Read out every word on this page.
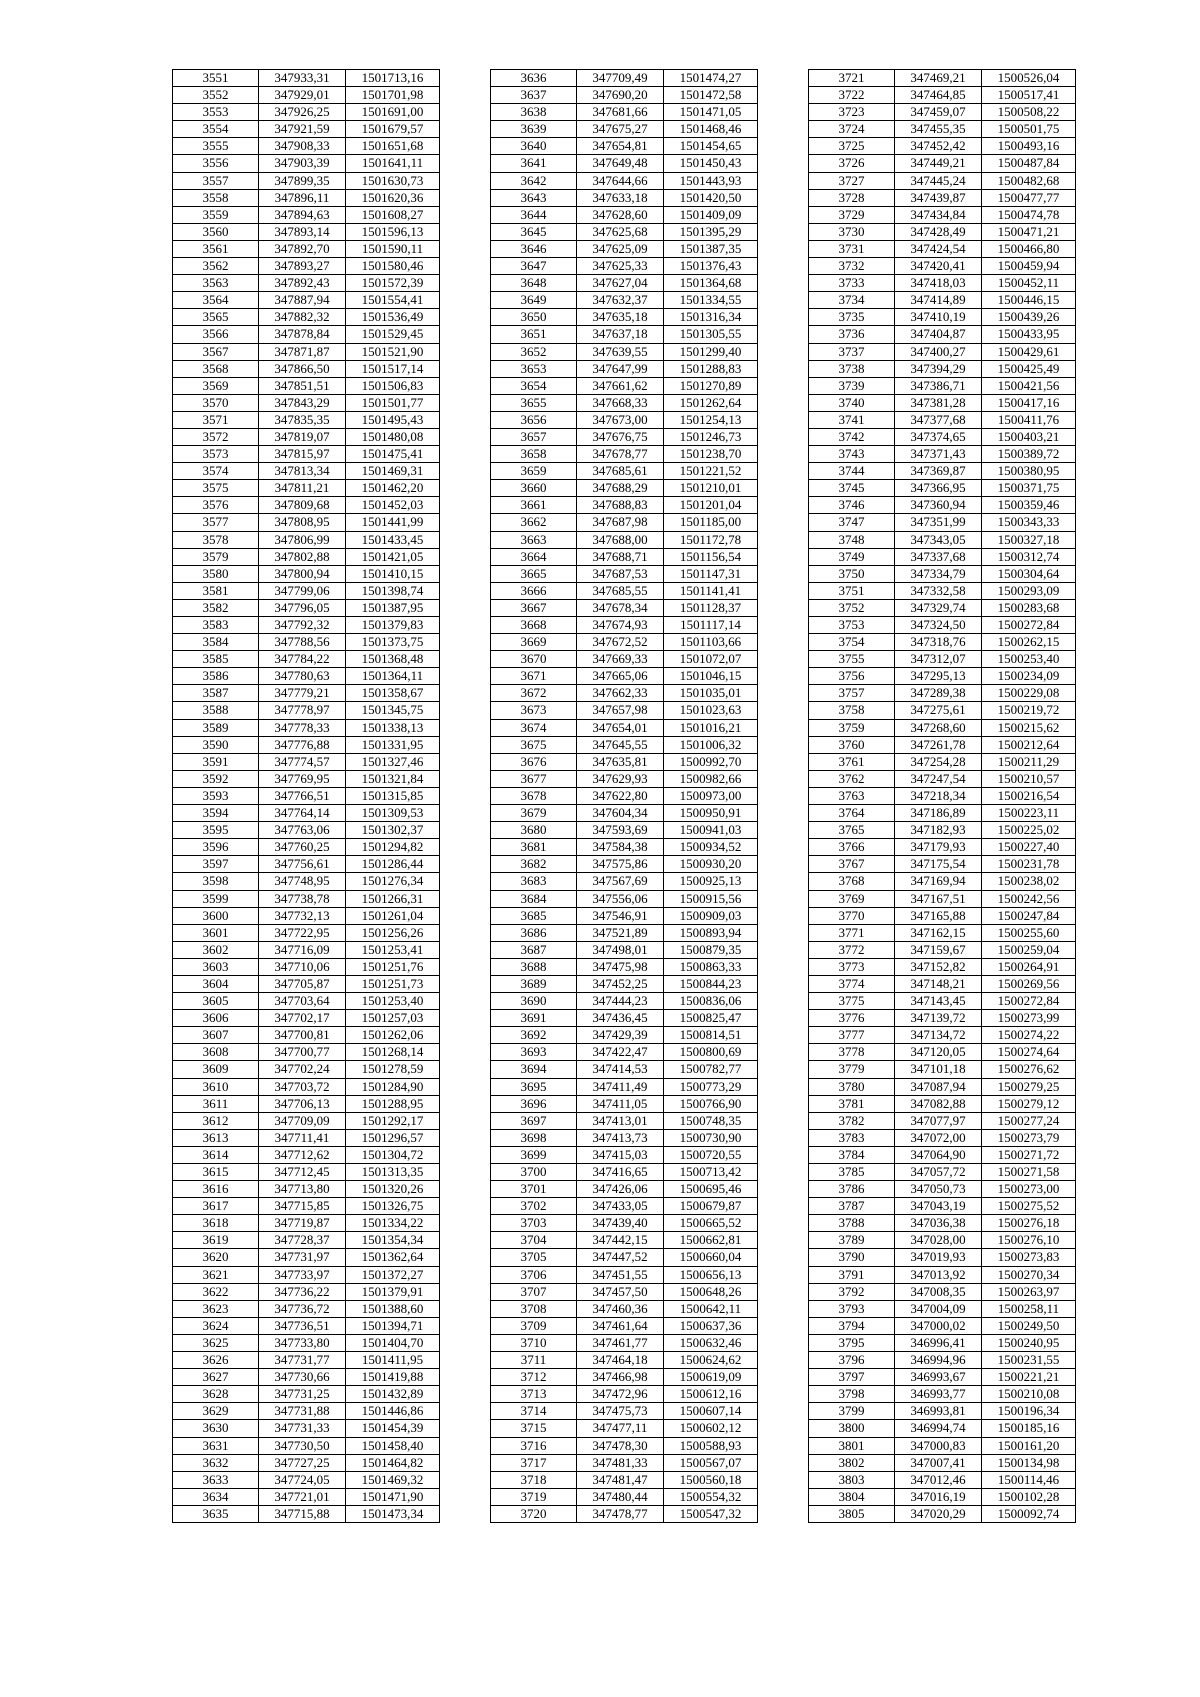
3551	347933,31	1501713,16
3552	347929,01	1501701,98
3553	347926,25	1501691,00
3554	347921,59	1501679,57
3555	347908,33	1501651,68
3556	347903,39	1501641,11
3557	347899,35	1501630,73
3558	347896,11	1501620,36
3559	347894,63	1501608,27
3560	347893,14	1501596,13
3561	347892,70	1501590,11
3562	347893,27	1501580,46
3563	347892,43	1501572,39
3564	347887,94	1501554,41
3565	347882,32	1501536,49
3566	347878,84	1501529,45
3567	347871,87	1501521,90
3568	347866,50	1501517,14
3569	347851,51	1501506,83
3570	347843,29	1501501,77
3571	347835,35	1501495,43
3572	347819,07	1501480,08
3573	347815,97	1501475,41
3574	347813,34	1501469,31
3575	347811,21	1501462,20
3576	347809,68	1501452,03
3577	347808,95	1501441,99
3578	347806,99	1501433,45
3579	347802,88	1501421,05
3580	347800,94	1501410,15
3581	347799,06	1501398,74
3582	347796,05	1501387,95
3583	347792,32	1501379,83
3584	347788,56	1501373,75
3585	347784,22	1501368,48
3586	347780,63	1501364,11
3587	347779,21	1501358,67
3588	347778,97	1501345,75
3589	347778,33	1501338,13
3590	347776,88	1501331,95
3591	347774,57	1501327,46
3592	347769,95	1501321,84
3593	347766,51	1501315,85
3594	347764,14	1501309,53
3595	347763,06	1501302,37
3596	347760,25	1501294,82
3597	347756,61	1501286,44
3598	347748,95	1501276,34
3599	347738,78	1501266,31
3600	347732,13	1501261,04
3601	347722,95	1501256,26
3602	347716,09	1501253,41
3603	347710,06	1501251,76
3604	347705,87	1501251,73
3605	347703,64	1501253,40
3606	347702,17	1501257,03
3607	347700,81	1501262,06
3608	347700,77	1501268,14
3609	347702,24	1501278,59
3610	347703,72	1501284,90
3611	347706,13	1501288,95
3612	347709,09	1501292,17
3613	347711,41	1501296,57
3614	347712,62	1501304,72
3615	347712,45	1501313,35
3616	347713,80	1501320,26
3617	347715,85	1501326,75
3618	347719,87	1501334,22
3619	347728,37	1501354,34
3620	347731,97	1501362,64
3621	347733,97	1501372,27
3622	347736,22	1501379,91
3623	347736,72	1501388,60
3624	347736,51	1501394,71
3625	347733,80	1501404,70
3626	347731,77	1501411,95
3627	347730,66	1501419,88
3628	347731,25	1501432,89
3629	347731,88	1501446,86
3630	347731,33	1501454,39
3631	347730,50	1501458,40
3632	347727,25	1501464,82
3633	347724,05	1501469,32
3634	347721,01	1501471,90
3635	347715,88	1501473,34
3636	347709,49	1501474,27
3637	347690,20	1501472,58
3638	347681,66	1501471,05
3639	347675,27	1501468,46
3640	347654,81	1501454,65
3641	347649,48	1501450,43
3642	347644,66	1501443,93
3643	347633,18	1501420,50
3644	347628,60	1501409,09
3645	347625,68	1501395,29
3646	347625,09	1501387,35
3647	347625,33	1501376,43
3648	347627,04	1501364,68
3649	347632,37	1501334,55
3650	347635,18	1501316,34
3651	347637,18	1501305,55
3652	347639,55	1501299,40
3653	347647,99	1501288,83
3654	347661,62	1501270,89
3655	347668,33	1501262,64
3656	347673,00	1501254,13
3657	347676,75	1501246,73
3658	347678,77	1501238,70
3659	347685,61	1501221,52
3660	347688,29	1501210,01
3661	347688,83	1501201,04
3662	347687,98	1501185,00
3663	347688,00	1501172,78
3664	347688,71	1501156,54
3665	347687,53	1501147,31
3666	347685,55	1501141,41
3667	347678,34	1501128,37
3668	347674,93	1501117,14
3669	347672,52	1501103,66
3670	347669,33	1501072,07
3671	347665,06	1501046,15
3672	347662,33	1501035,01
3673	347657,98	1501023,63
3674	347654,01	1501016,21
3675	347645,55	1501006,32
3676	347635,81	1500992,70
3677	347629,93	1500982,66
3678	347622,80	1500973,00
3679	347604,34	1500950,91
3680	347593,69	1500941,03
3681	347584,38	1500934,52
3682	347575,86	1500930,20
3683	347567,69	1500925,13
3684	347556,06	1500915,56
3685	347546,91	1500909,03
3686	347521,89	1500893,94
3687	347498,01	1500879,35
3688	347475,98	1500863,33
3689	347452,25	1500844,23
3690	347444,23	1500836,06
3691	347436,45	1500825,47
3692	347429,39	1500814,51
3693	347422,47	1500800,69
3694	347414,53	1500782,77
3695	347411,49	1500773,29
3696	347411,05	1500766,90
3697	347413,01	1500748,35
3698	347413,73	1500730,90
3699	347415,03	1500720,55
3700	347416,65	1500713,42
3701	347426,06	1500695,46
3702	347433,05	1500679,87
3703	347439,40	1500665,52
3704	347442,15	1500662,81
3705	347447,52	1500660,04
3706	347451,55	1500656,13
3707	347457,50	1500648,26
3708	347460,36	1500642,11
3709	347461,64	1500637,36
3710	347461,77	1500632,46
3711	347464,18	1500624,62
3712	347466,98	1500619,09
3713	347472,96	1500612,16
3714	347475,73	1500607,14
3715	347477,11	1500602,12
3716	347478,30	1500588,93
3717	347481,33	1500567,07
3718	347481,47	1500560,18
3719	347480,44	1500554,32
3720	347478,77	1500547,32
3721	347469,21	1500526,04
3722	347464,85	1500517,41
3723	347459,07	1500508,22
3724	347455,35	1500501,75
3725	347452,42	1500493,16
3726	347449,21	1500487,84
3727	347445,24	1500482,68
3728	347439,87	1500477,77
3729	347434,84	1500474,78
3730	347428,49	1500471,21
3731	347424,54	1500466,80
3732	347420,41	1500459,94
3733	347418,03	1500452,11
3734	347414,89	1500446,15
3735	347410,19	1500439,26
3736	347404,87	1500433,95
3737	347400,27	1500429,61
3738	347394,29	1500425,49
3739	347386,71	1500421,56
3740	347381,28	1500417,16
3741	347377,68	1500411,76
3742	347374,65	1500403,21
3743	347371,43	1500389,72
3744	347369,87	1500380,95
3745	347366,95	1500371,75
3746	347360,94	1500359,46
3747	347351,99	1500343,33
3748	347343,05	1500327,18
3749	347337,68	1500312,74
3750	347334,79	1500304,64
3751	347332,58	1500293,09
3752	347329,74	1500283,68
3753	347324,50	1500272,84
3754	347318,76	1500262,15
3755	347312,07	1500253,40
3756	347295,13	1500234,09
3757	347289,38	1500229,08
3758	347275,61	1500219,72
3759	347268,60	1500215,62
3760	347261,78	1500212,64
3761	347254,28	1500211,29
3762	347247,54	1500210,57
3763	347218,34	1500216,54
3764	347186,89	1500223,11
3765	347182,93	1500225,02
3766	347179,93	1500227,40
3767	347175,54	1500231,78
3768	347169,94	1500238,02
3769	347167,51	1500242,56
3770	347165,88	1500247,84
3771	347162,15	1500255,60
3772	347159,67	1500259,04
3773	347152,82	1500264,91
3774	347148,21	1500269,56
3775	347143,45	1500272,84
3776	347139,72	1500273,99
3777	347134,72	1500274,22
3778	347120,05	1500274,64
3779	347101,18	1500276,62
3780	347087,94	1500279,25
3781	347082,88	1500279,12
3782	347077,97	1500277,24
3783	347072,00	1500273,79
3784	347064,90	1500271,72
3785	347057,72	1500271,58
3786	347050,73	1500273,00
3787	347043,19	1500275,52
3788	347036,38	1500276,18
3789	347028,00	1500276,10
3790	347019,93	1500273,83
3791	347013,92	1500270,34
3792	347008,35	1500263,97
3793	347004,09	1500258,11
3794	347000,02	1500249,50
3795	346996,41	1500240,95
3796	346994,96	1500231,55
3797	346993,67	1500221,21
3798	346993,77	1500210,08
3799	346993,81	1500196,34
3800	346994,74	1500185,16
3801	347000,83	1500161,20
3802	347007,41	1500134,98
3803	347012,46	1500114,46
3804	347016,19	1500102,28
3805	347020,29	1500092,74
